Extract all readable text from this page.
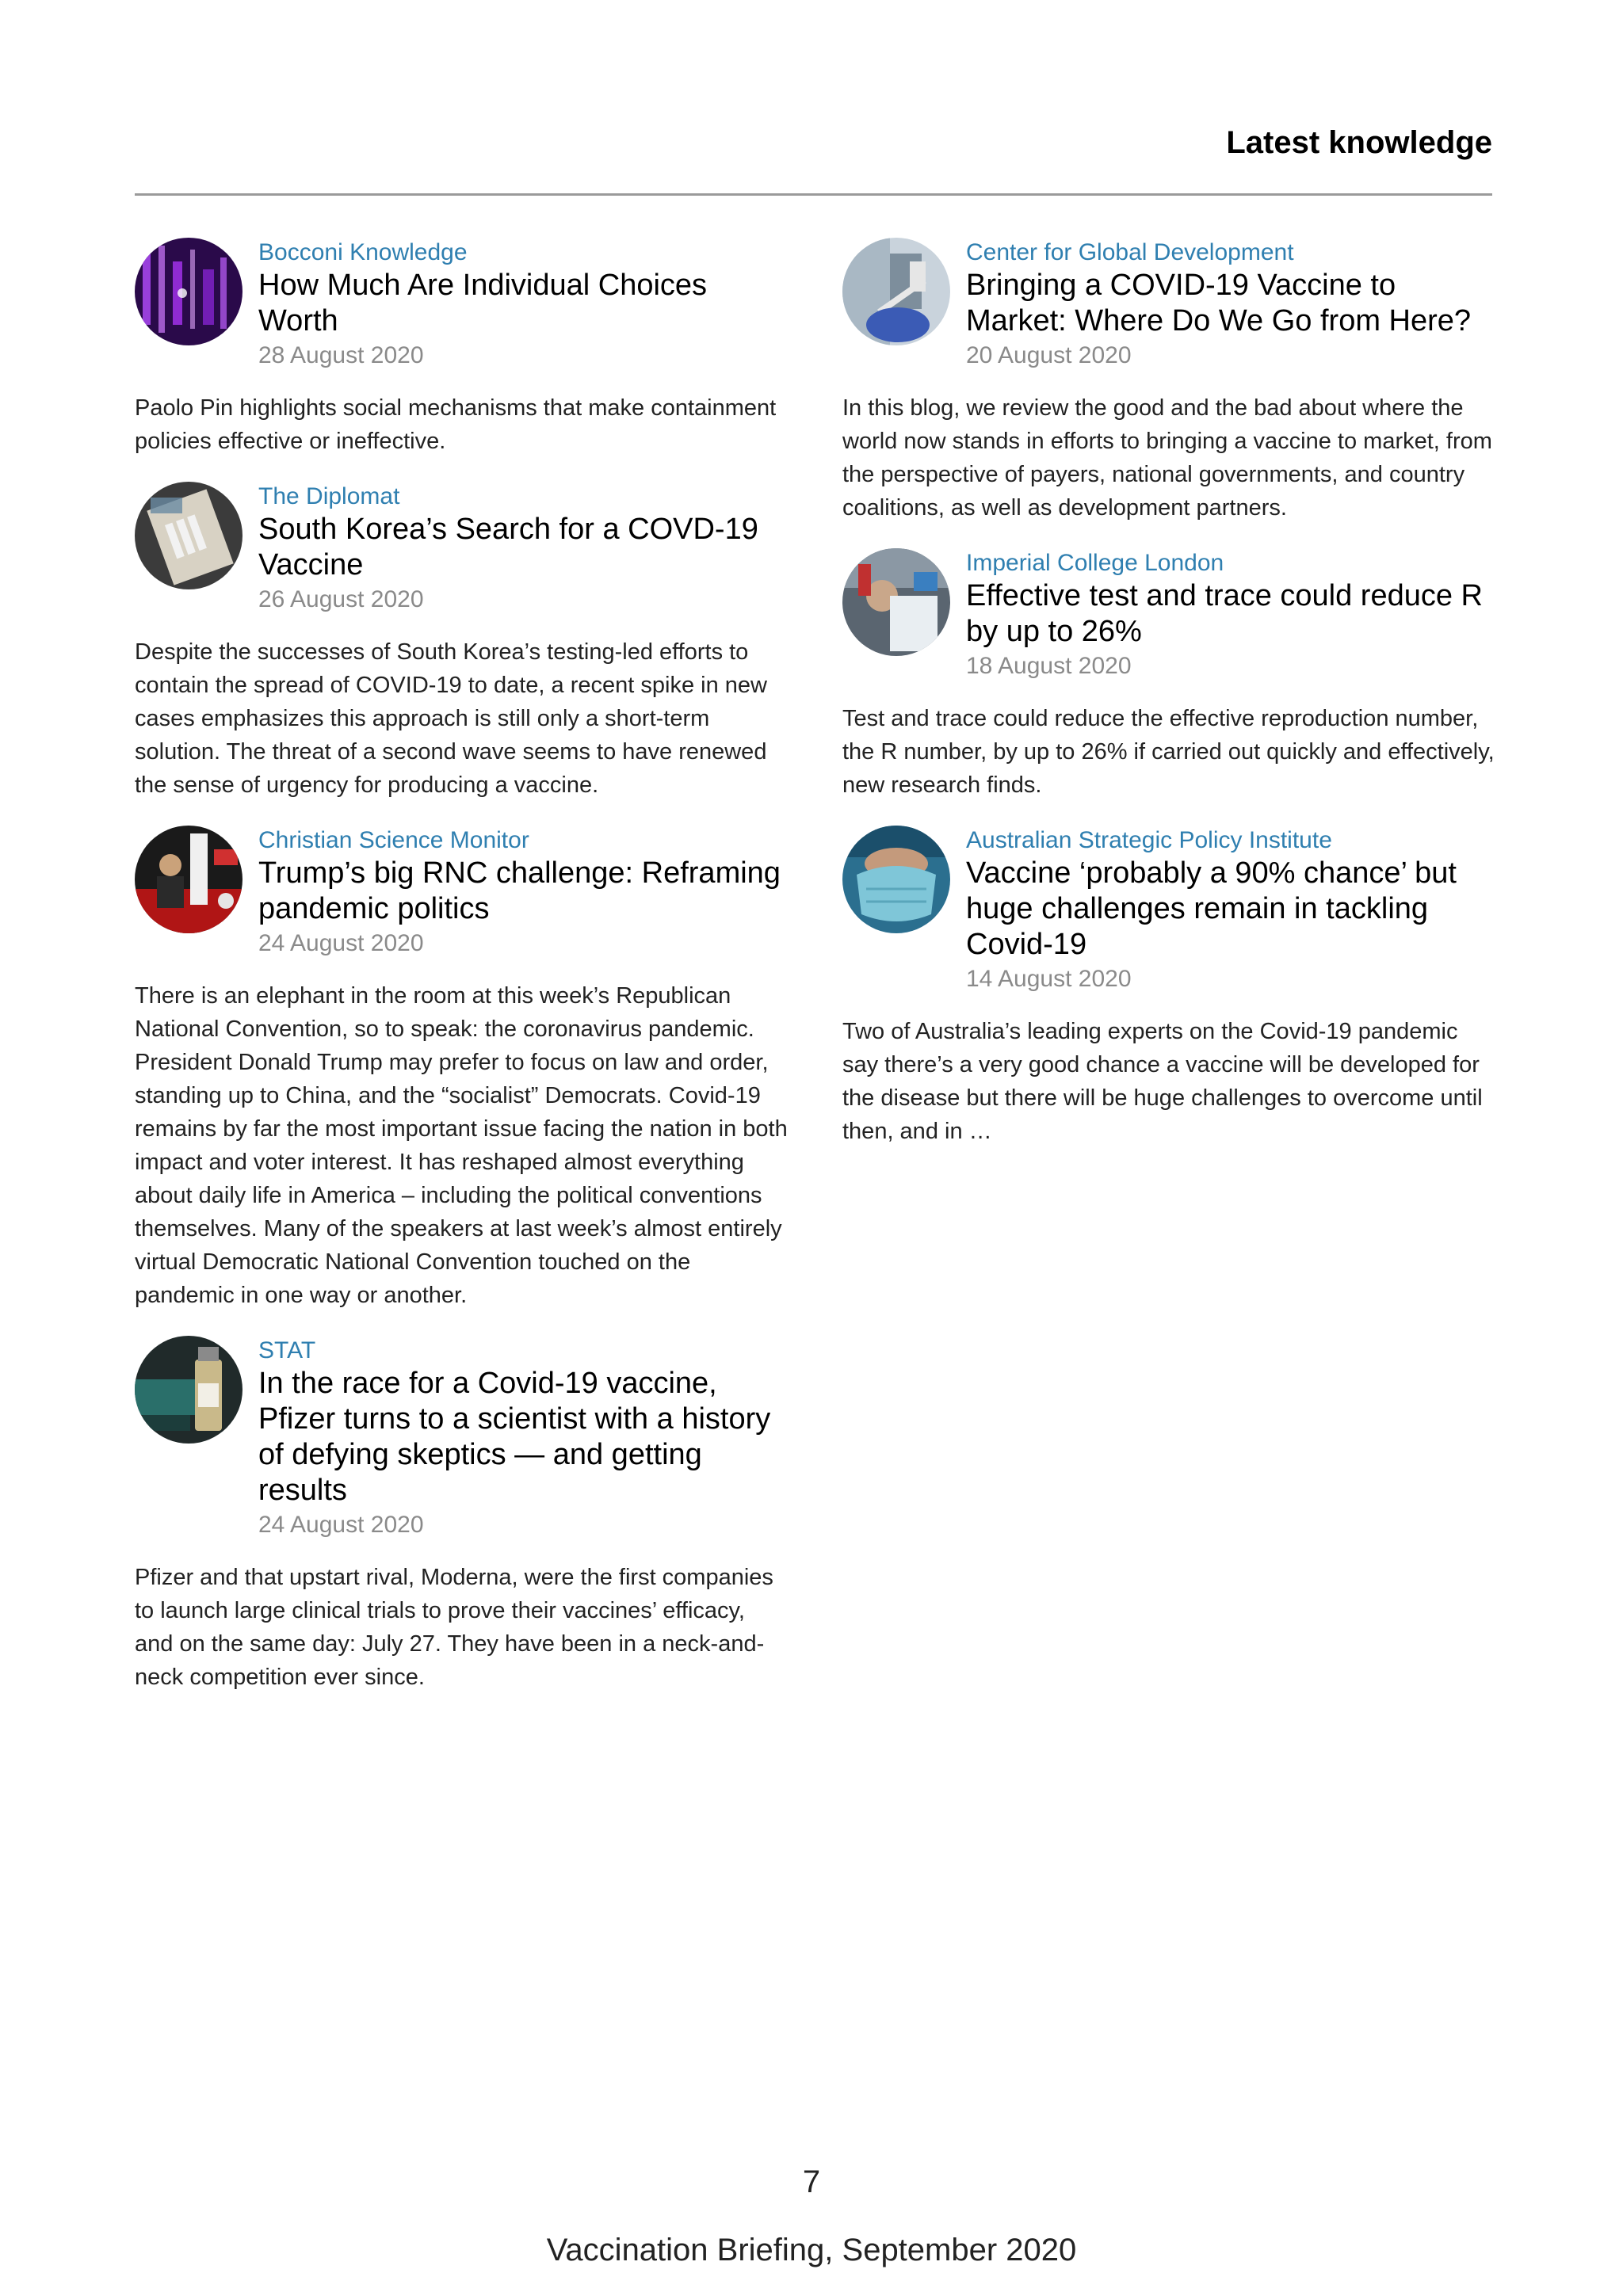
Latest knowledge
Bocconi Knowledge
How Much Are Individual Choices Worth
28 August 2020
Paolo Pin highlights social mechanisms that make containment policies effective or ineffective.
The Diplomat
South Korea’s Search for a COVD-19 Vaccine
26 August 2020
Despite the successes of South Korea’s testing-led efforts to contain the spread of COVID-19 to date, a recent spike in new cases emphasizes this approach is still only a short-term solution. The threat of a second wave seems to have renewed the sense of urgency for producing a vaccine.
Christian Science Monitor
Trump’s big RNC challenge: Reframing pandemic politics
24 August 2020
There is an elephant in the room at this week’s Republican National Convention, so to speak: the coronavirus pandemic. President Donald Trump may prefer to focus on law and order, standing up to China, and the “socialist” Democrats. Covid-19 remains by far the most important issue facing the nation in both impact and voter interest. It has reshaped almost everything about daily life in America – including the political conventions themselves. Many of the speakers at last week’s almost entirely virtual Democratic National Convention touched on the pandemic in one way or another.
STAT
In the race for a Covid-19 vaccine, Pfizer turns to a scientist with a history of defying skeptics — and getting results
24 August 2020
Pfizer and that upstart rival, Moderna, were the first companies to launch large clinical trials to prove their vaccines’ efficacy, and on the same day: July 27. They have been in a neck-and-neck competition ever since.
Center for Global Development
Bringing a COVID-19 Vaccine to Market: Where Do We Go from Here?
20 August 2020
In this blog, we review the good and the bad about where the world now stands in efforts to bringing a vaccine to market, from the perspective of payers, national governments, and country coalitions, as well as development partners.
Imperial College London
Effective test and trace could reduce R by up to 26%
18 August 2020
Test and trace could reduce the effective reproduction number, the R number, by up to 26% if carried out quickly and effectively, new research finds.
Australian Strategic Policy Institute
Vaccine ‘probably a 90% chance’ but huge challenges remain in tackling Covid-19
14 August 2020
Two of Australia’s leading experts on the Covid-19 pandemic say there’s a very good chance a vaccine will be developed for the disease but there will be huge challenges to overcome until then, and in …
7
Vaccination Briefing, September 2020
